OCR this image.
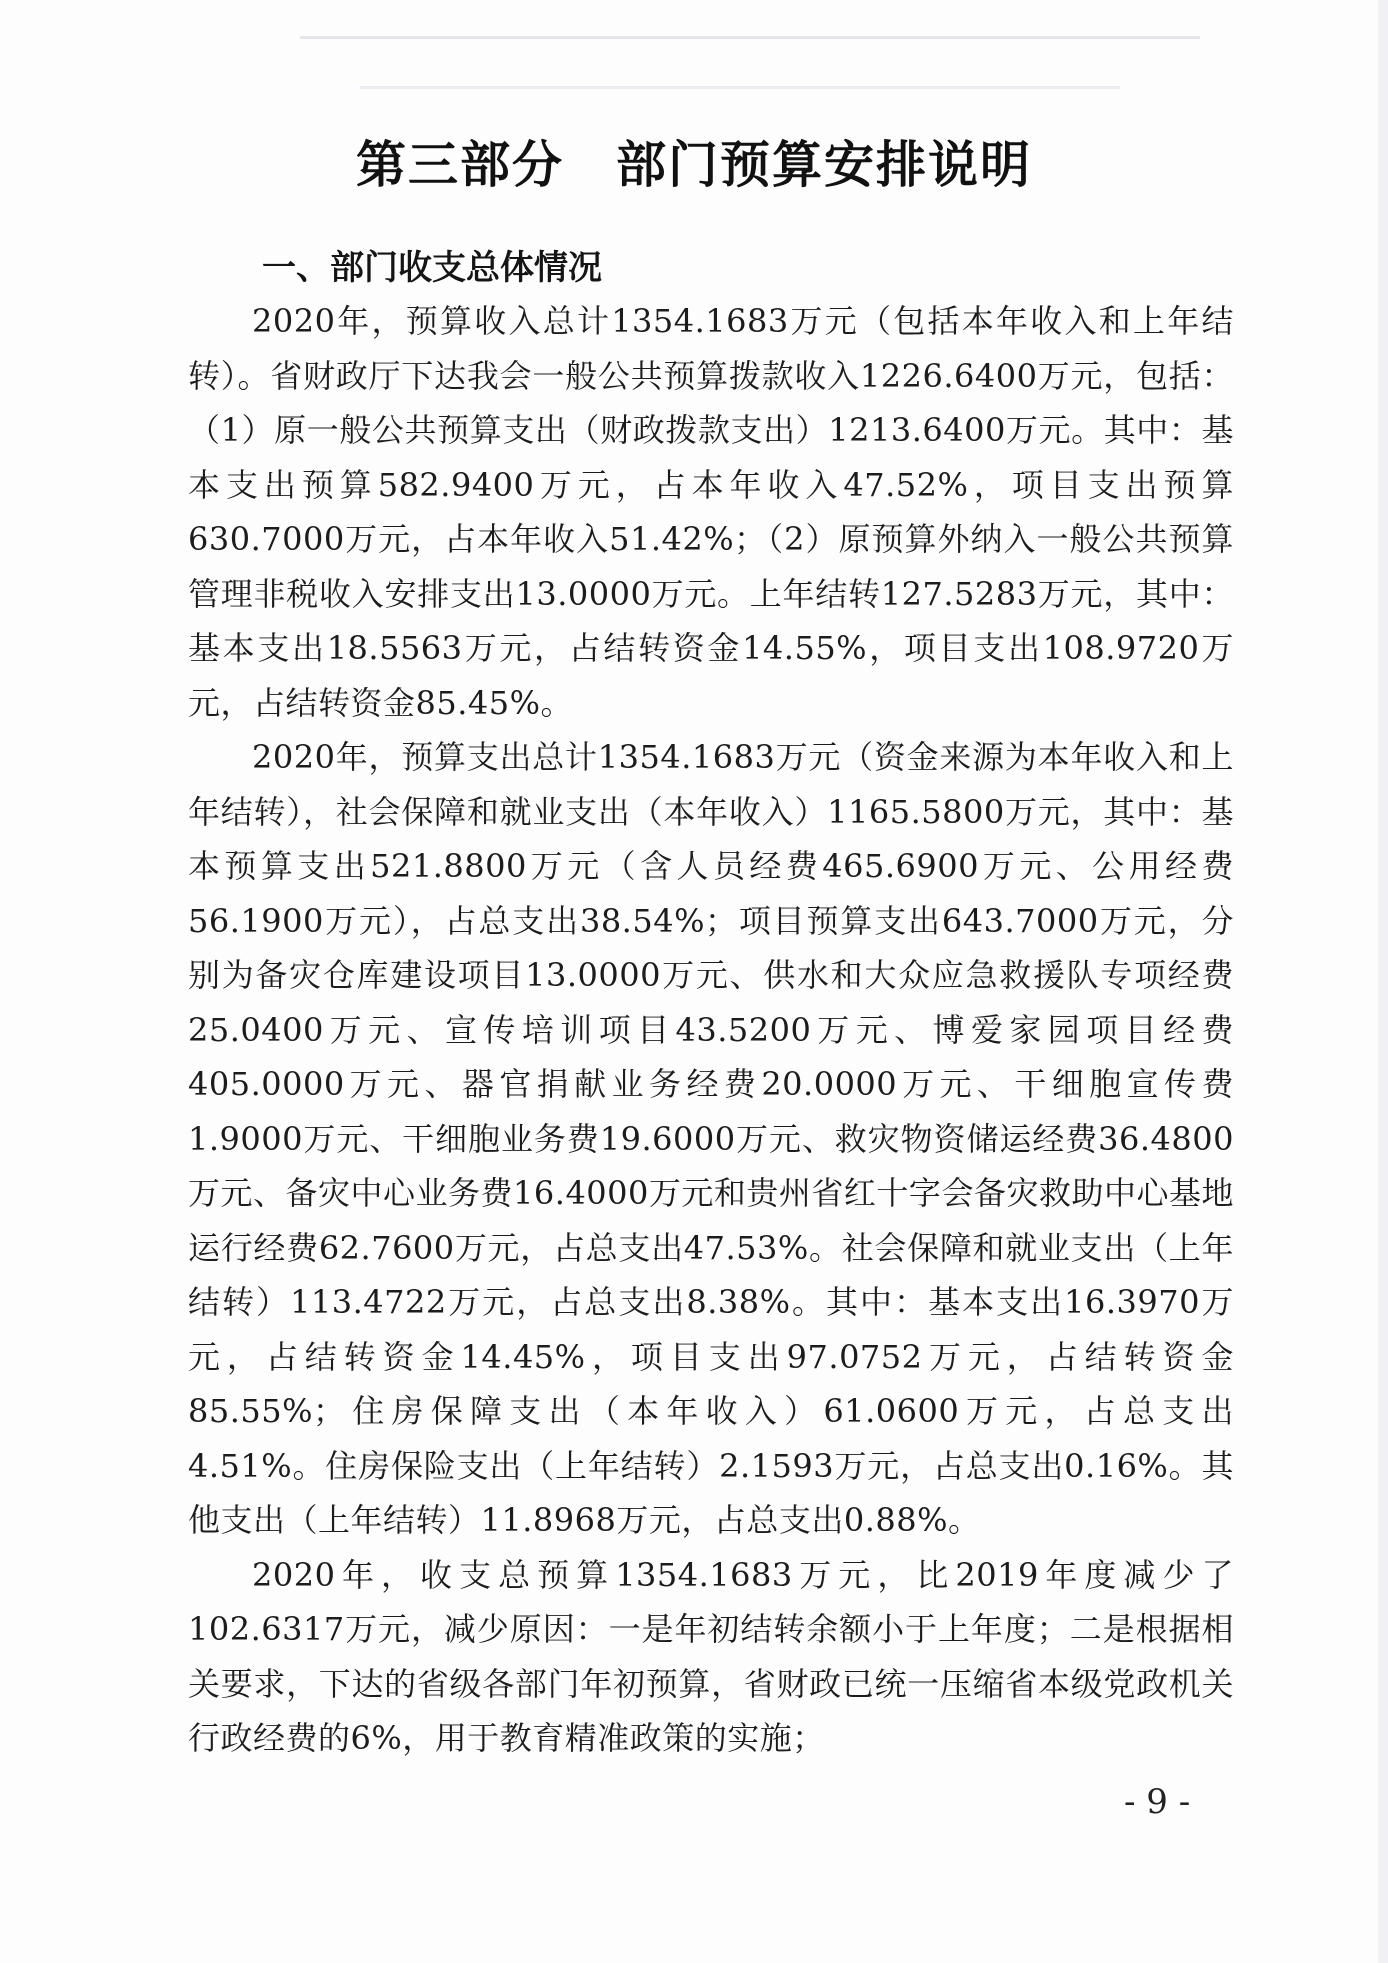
第三部分　部门预算安排说明
一、部门收支总体情况

2020年，预算收入总计1354.1683万元（包括本年收入和上年结转）。省财政厅下达我会一般公共预算拨款收入1226.6400万元，包括：（1）原一般公共预算支出（财政拨款支出）1213.6400万元。其中：基本支出预算582.9400万元，占本年收入47.52%，项目支出预算630.7000万元，占本年收入51.42%；（2）原预算外纳入一般公共预算管理非税收入安排支出13.0000万元。上年结转127.5283万元，其中：基本支出18.5563万元，占结转资金14.55%，项目支出108.9720万元，占结转资金85.45%。

2020年，预算支出总计1354.1683万元（资金来源为本年收入和上年结转），社会保障和就业支出（本年收入）1165.5800万元，其中：基本预算支出521.8800万元（含人员经费465.6900万元、公用经费56.1900万元），占总支出38.54%；项目预算支出643.7000万元，分别为备灾仓库建设项目13.0000万元、供水和大众应急救援队专项经费25.0400万元、宣传培训项目43.5200万元、博爱家园项目经费405.0000万元、器官捐献业务经费20.0000万元、干细胞宣传费1.9000万元、干细胞业务费19.6000万元、救灾物资储运经费36.4800万元、备灾中心业务费16.4000万元和贵州省红十字会备灾救助中心基地运行经费62.7600万元，占总支出47.53%。社会保障和就业支出（上年结转）113.4722万元，占总支出8.38%。其中：基本支出16.3970万元，占结转资金14.45%，项目支出97.0752万元，占结转资金85.55%；住房保障支出（本年收入）61.0600万元，占总支出4.51%。住房保险支出（上年结转）2.1593万元，占总支出0.16%。其他支出（上年结转）11.8968万元，占总支出0.88%。

2020年，收支总预算1354.1683万元，比2019年度减少了102.6317万元，减少原因：一是年初结转余额小于上年度；二是根据相关要求，下达的省级各部门年初预算，省财政已统一压缩省本级党政机关行政经费的6%，用于教育精准政策的实施；

- 9 -
